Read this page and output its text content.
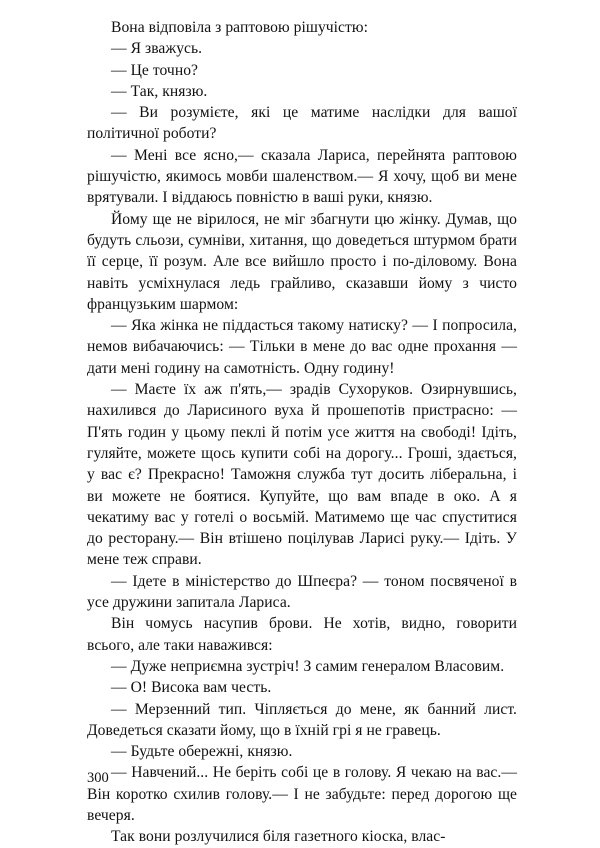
Вона відповіла з раптовою рішучістю:

— Я зважусь.

— Це точно?

— Так, князю.

— Ви розумієте, які це матиме наслідки для вашої політичної роботи?

— Мені все ясно,— сказала Лариса, перейнята раптовою рішучістю, якимось мовби шаленством.— Я хочу, щоб ви мене врятували. І віддаюсь повністю в ваші руки, князю.

Йому ще не вірилося, не міг збагнути цю жінку. Думав, що будуть сльози, сумніви, хитання, що доведеться штурмом брати її серце, її розум. Але все вийшло просто і по-діловому. Вона навіть усміхнулася ледь грайливо, сказавши йому з чисто французьким шармом:

— Яка жінка не піддасться такому натиску? — І попросила, немов вибачаючись: — Тільки в мене до вас одне прохання — дати мені годину на самотність. Одну годину!

— Маєте їх аж п'ять,— зрадів Сухоруков. Озирнувшись, нахилився до Ларисиного вуха й прошепотів пристрасно: — П'ять годин у цьому пеклі й потім усе життя на свободі! Ідіть, гуляйте, можете щось купити собі на дорогу... Гроші, здається, у вас є? Прекрасно! Таможня служба тут досить ліберальна, і ви можете не боятися. Купуйте, що вам впаде в око. А я чекатиму вас у готелі о восьмій. Матимемо ще час спуститися до ресторану.— Він втішено поцілував Ларисі руку.— Ідіть. У мене теж справи.

— Ідете в міністерство до Шпеєра? — тоном посвяченої в усе дружини запитала Лариса.

Він чомусь насупив брови. Не хотів, видно, говорити всього, але таки наважився:

— Дуже неприємна зустріч! З самим генералом Власовим.

— О! Висока вам честь.

— Мерзенний тип. Чіпляється до мене, як банний лист. Доведеться сказати йому, що в їхній грі я не гравець.

— Будьте обережні, князю.

— Навчений... Не беріть собі це в голову. Я чекаю на вас.— Він коротко схилив голову.— І не забудьте: перед дорогою ще вечеря.

Так вони розлучилися біля газетного кіоска, влас-

300
